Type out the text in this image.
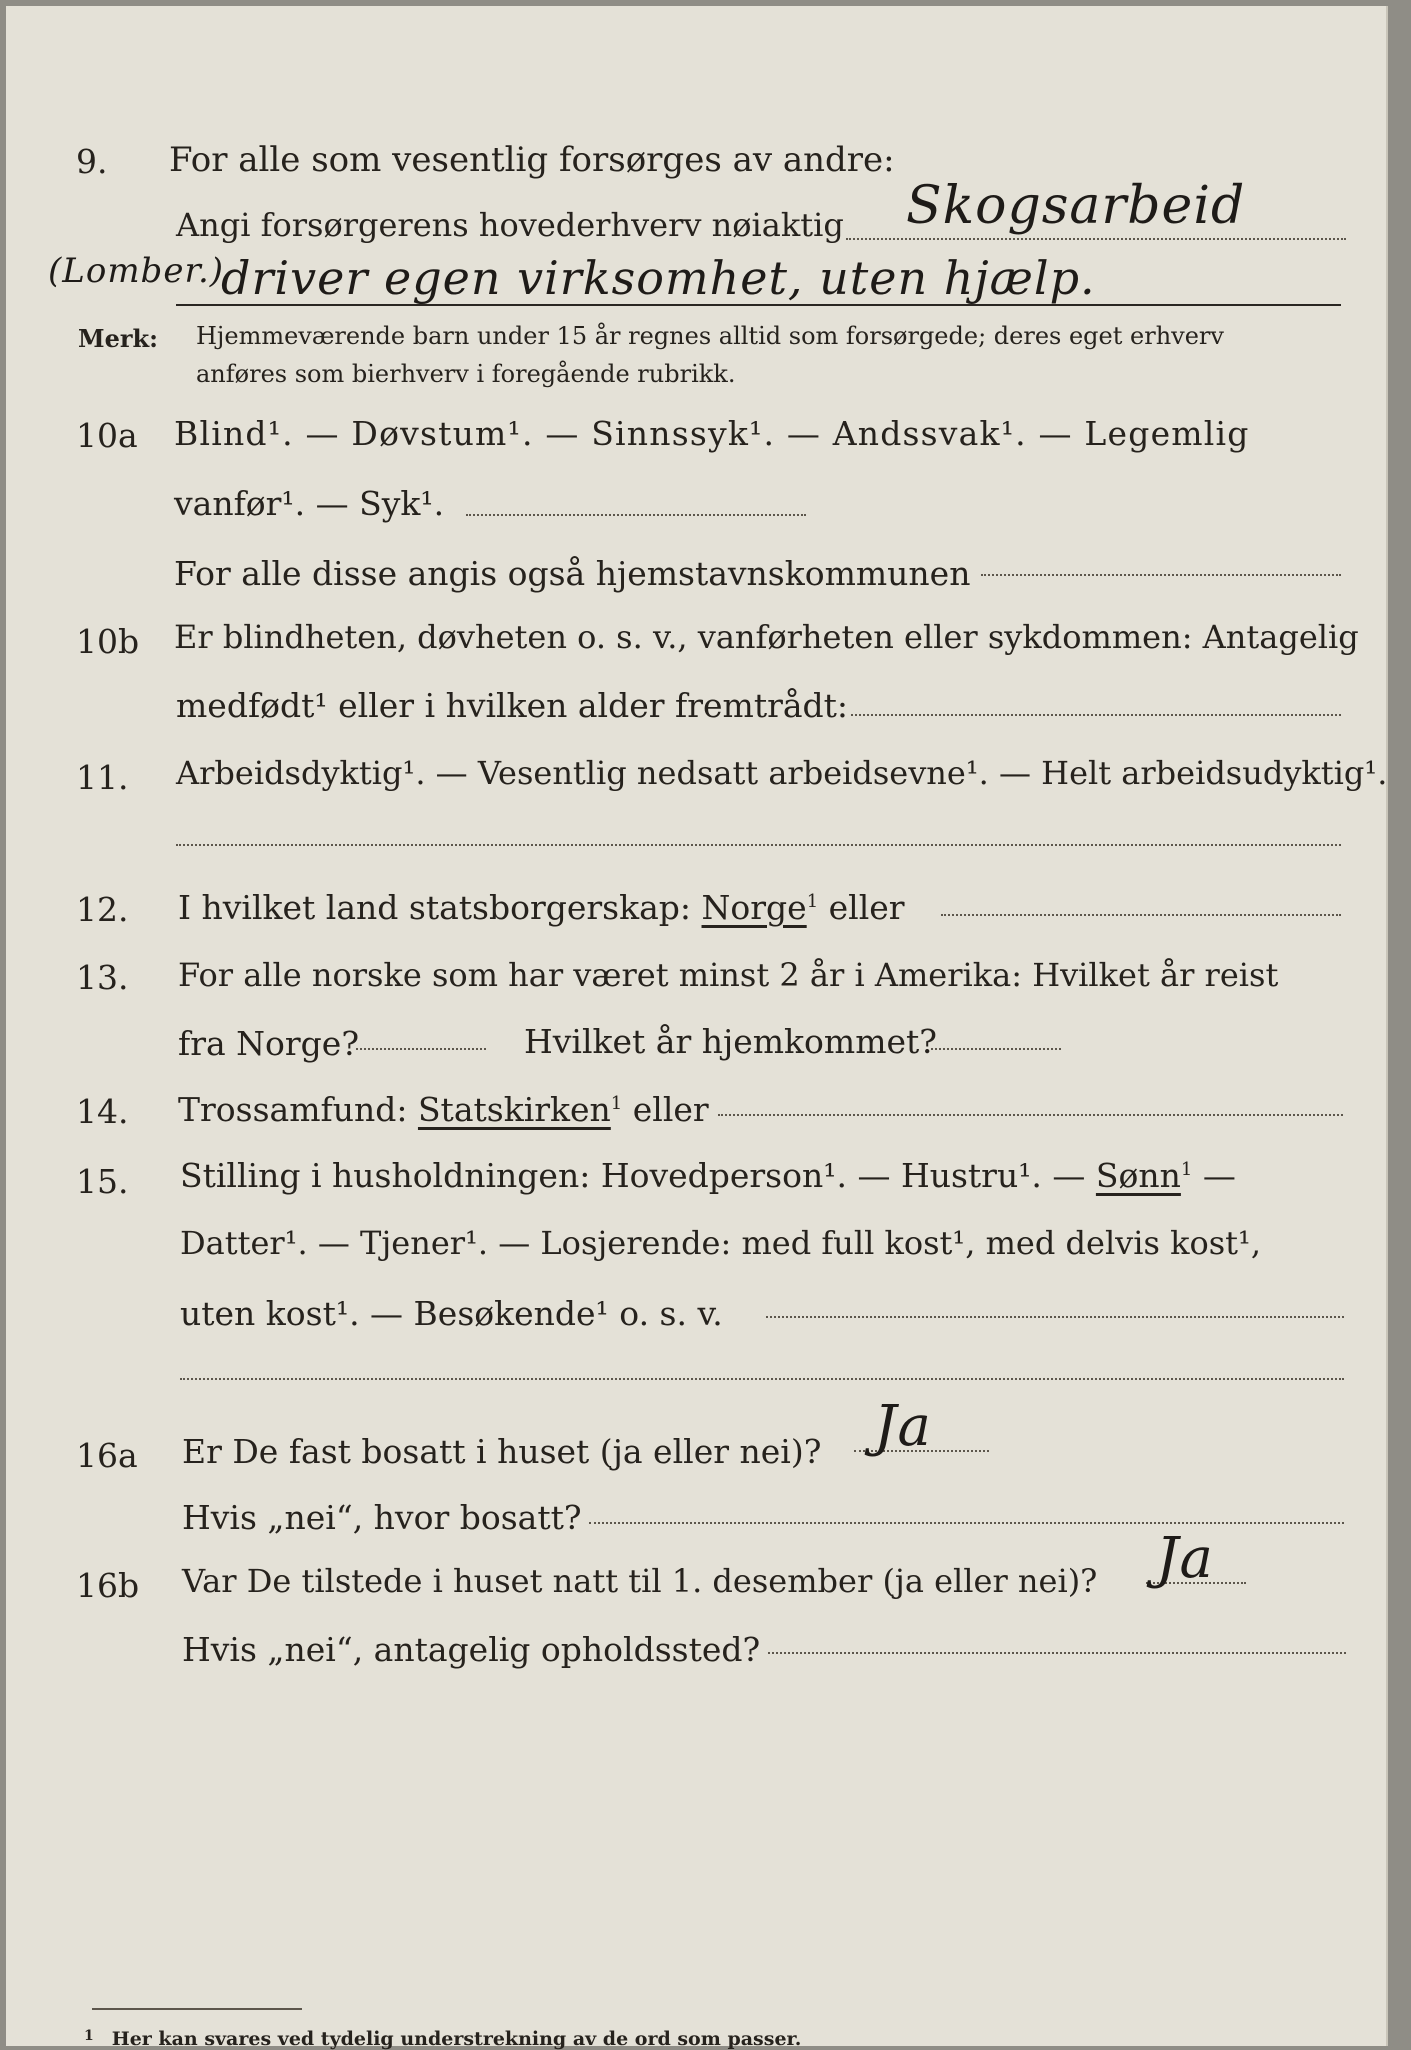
9. For alle som vesentlig forsørges av andre:
Angi forsørgerens hovederhverv nøiaktig Skogsarbeid
(Lomber.)
driver egen virksomhet, uten hjælp.
Merk: Hjemmeværende barn under 15 år regnes alltid som forsørgede; deres eget erhverv
anføres som bierhverv i foregående rubrikk.
10a Blind¹. — Døvstum¹. — Sinnssyk¹. — Andssvak¹. — Legemlig
vanfør¹. — Syk¹.
For alle disse angis også hjemstavnskommunen
10b Er blindheten, døvheten o. s. v., vanførheten eller sykdommen: Antagelig
medfødt¹ eller i hvilken alder fremtrådt:
11. Arbeidsdyktig¹. — Vesentlig nedsatt arbeidsevne¹. — Helt arbeidsudyktig¹.
12. I hvilket land statsborgerskap: Norge$^1$ eller
13. For alle norske som har været minst 2 år i Amerika: Hvilket år reist
fra Norge?	Hvilket år hjemkommet?
14. Trossamfund: Statskirken$^1$ eller
15. Stilling i husholdningen: Hovedperson¹. — Hustru¹. — Sønn$^1$ —
Datter¹. — Tjener¹. — Losjerende: med full kost¹, med delvis kost¹,
uten kost¹. — Besøkende¹ o. s. v.
16a Er De fast bosatt i huset (ja eller nei)? Ja
Hvis „nei“, hvor bosatt?
16b Var De tilstede i huset natt til 1. desember (ja eller nei)? Ja
Hvis „nei“, antagelig opholdssted?
$^1$ Her kan svares ved tydelig understrekning av de ord som passer.
